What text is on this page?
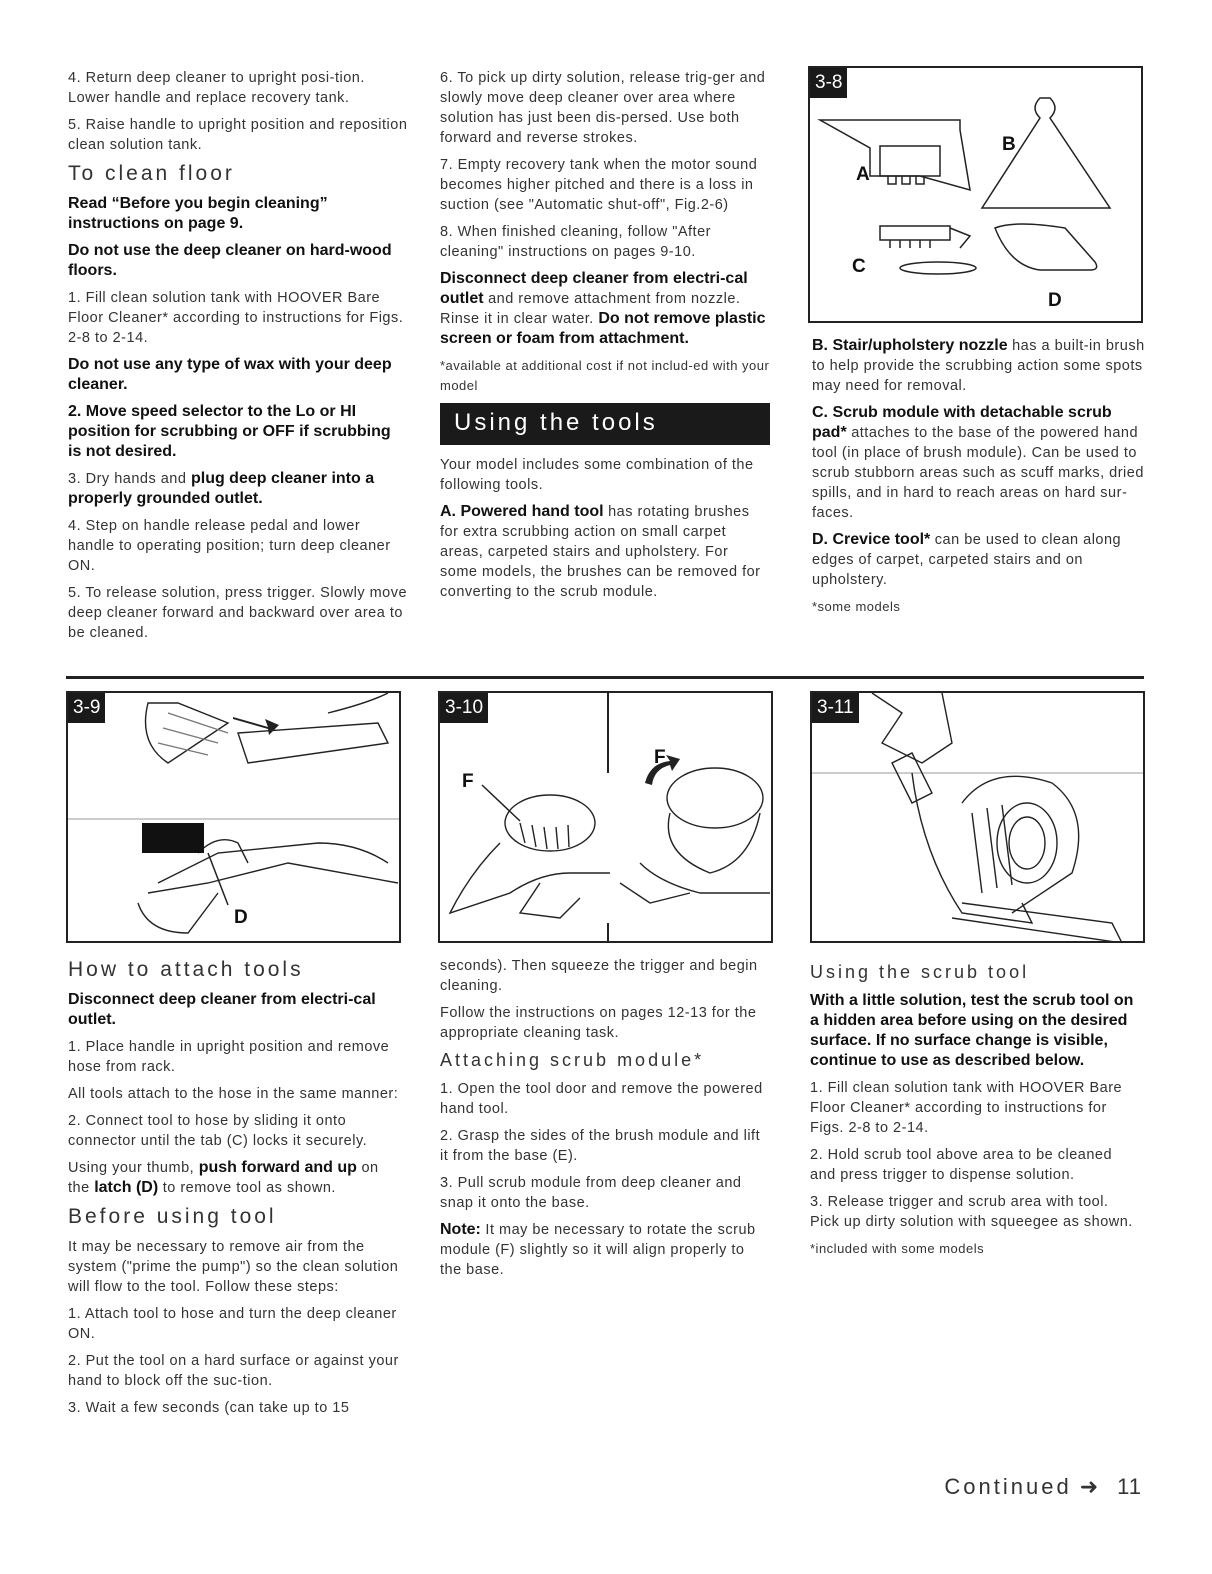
4. Return deep cleaner to upright posi-tion. Lower handle and replace recovery tank.

5. Raise handle to upright position and reposition clean solution tank.

To clean floor

Read “Before you begin cleaning” instructions on page 9.

Do not use the deep cleaner on hard-wood floors.

1. Fill clean solution tank with HOOVER Bare Floor Cleaner* according to instructions for Figs. 2-8 to 2-14.

Do not use any type of wax with your deep cleaner.

2. Move speed selector to the Lo or HI position for scrubbing or OFF if scrubbing is not desired.

3. Dry hands and plug deep cleaner into a properly grounded outlet.

4. Step on handle release pedal and lower handle to operating position; turn deep cleaner ON.

5. To release solution, press trigger. Slowly move deep cleaner forward and backward over area to be cleaned.

6. To pick up dirty solution, release trig-ger and slowly move deep cleaner over area where solution has just been dis-persed. Use both forward and reverse strokes.

7. Empty recovery tank when the motor sound becomes higher pitched and there is a loss in suction (see "Automatic shut-off", Fig.2-6)

8. When finished cleaning, follow "After cleaning" instructions on pages 9-10.

Disconnect deep cleaner from electri-cal outlet and remove attachment from nozzle. Rinse it in clear water. Do not remove plastic screen or foam from attachment.

*available at additional cost if not includ-ed with your model

Using the tools

Your model includes some combination of the following tools.

A. Powered hand tool has rotating brushes for extra scrubbing action on small carpet areas, carpeted stairs and upholstery. For some models, the brushes can be removed for converting to the scrub module.

3-8
A
B
C
D

B. Stair/upholstery nozzle has a built-in brush to help provide the scrubbing action some spots may need for removal.

C. Scrub module with detachable scrub pad* attaches to the base of the powered hand tool (in place of brush module). Can be used to scrub stubborn areas such as scuff marks, dried spills, and in hard to reach areas on hard sur-faces.

D. Crevice tool* can be used to clean along edges of carpet, carpeted stairs and on upholstery.

*some models

3-9
D
3-10
F
F
3-11
How to attach tools

Disconnect deep cleaner from electri-cal outlet.

1. Place handle in upright position and remove hose from rack.

All tools attach to the hose in the same manner:

2. Connect tool to hose by sliding it onto connector until the tab (C) locks it securely.

Using your thumb, push forward and up on the latch (D) to remove tool as shown.

Before using tool

It may be necessary to remove air from the system ("prime the pump") so the clean solution will flow to the tool. Follow these steps:

1. Attach tool to hose and turn the deep cleaner ON.

2. Put the tool on a hard surface or against your hand to block off the suc-tion.

3. Wait a few seconds (can take up to 15

seconds). Then squeeze the trigger and begin cleaning.

Follow the instructions on pages 12-13 for the appropriate cleaning task.

Attaching scrub module*

1. Open the tool door and remove the powered hand tool.

2. Grasp the sides of the brush module and lift it from the base (E).

3. Pull scrub module from deep cleaner and snap it onto the base.

Note: It may be necessary to rotate the scrub module (F) slightly so it will align properly to the base.

Using the scrub tool

With a little solution, test the scrub tool on a hidden area before using on the desired surface. If no surface change is visible, continue to use as described below.

1. Fill clean solution tank with HOOVER Bare Floor Cleaner* according to instructions for Figs. 2-8 to 2-14.

2. Hold scrub tool above area to be cleaned and press trigger to dispense solution.

3. Release trigger and scrub area with tool. Pick up dirty solution with squeegee as shown.

*included with some models

Continued ➜ 11
